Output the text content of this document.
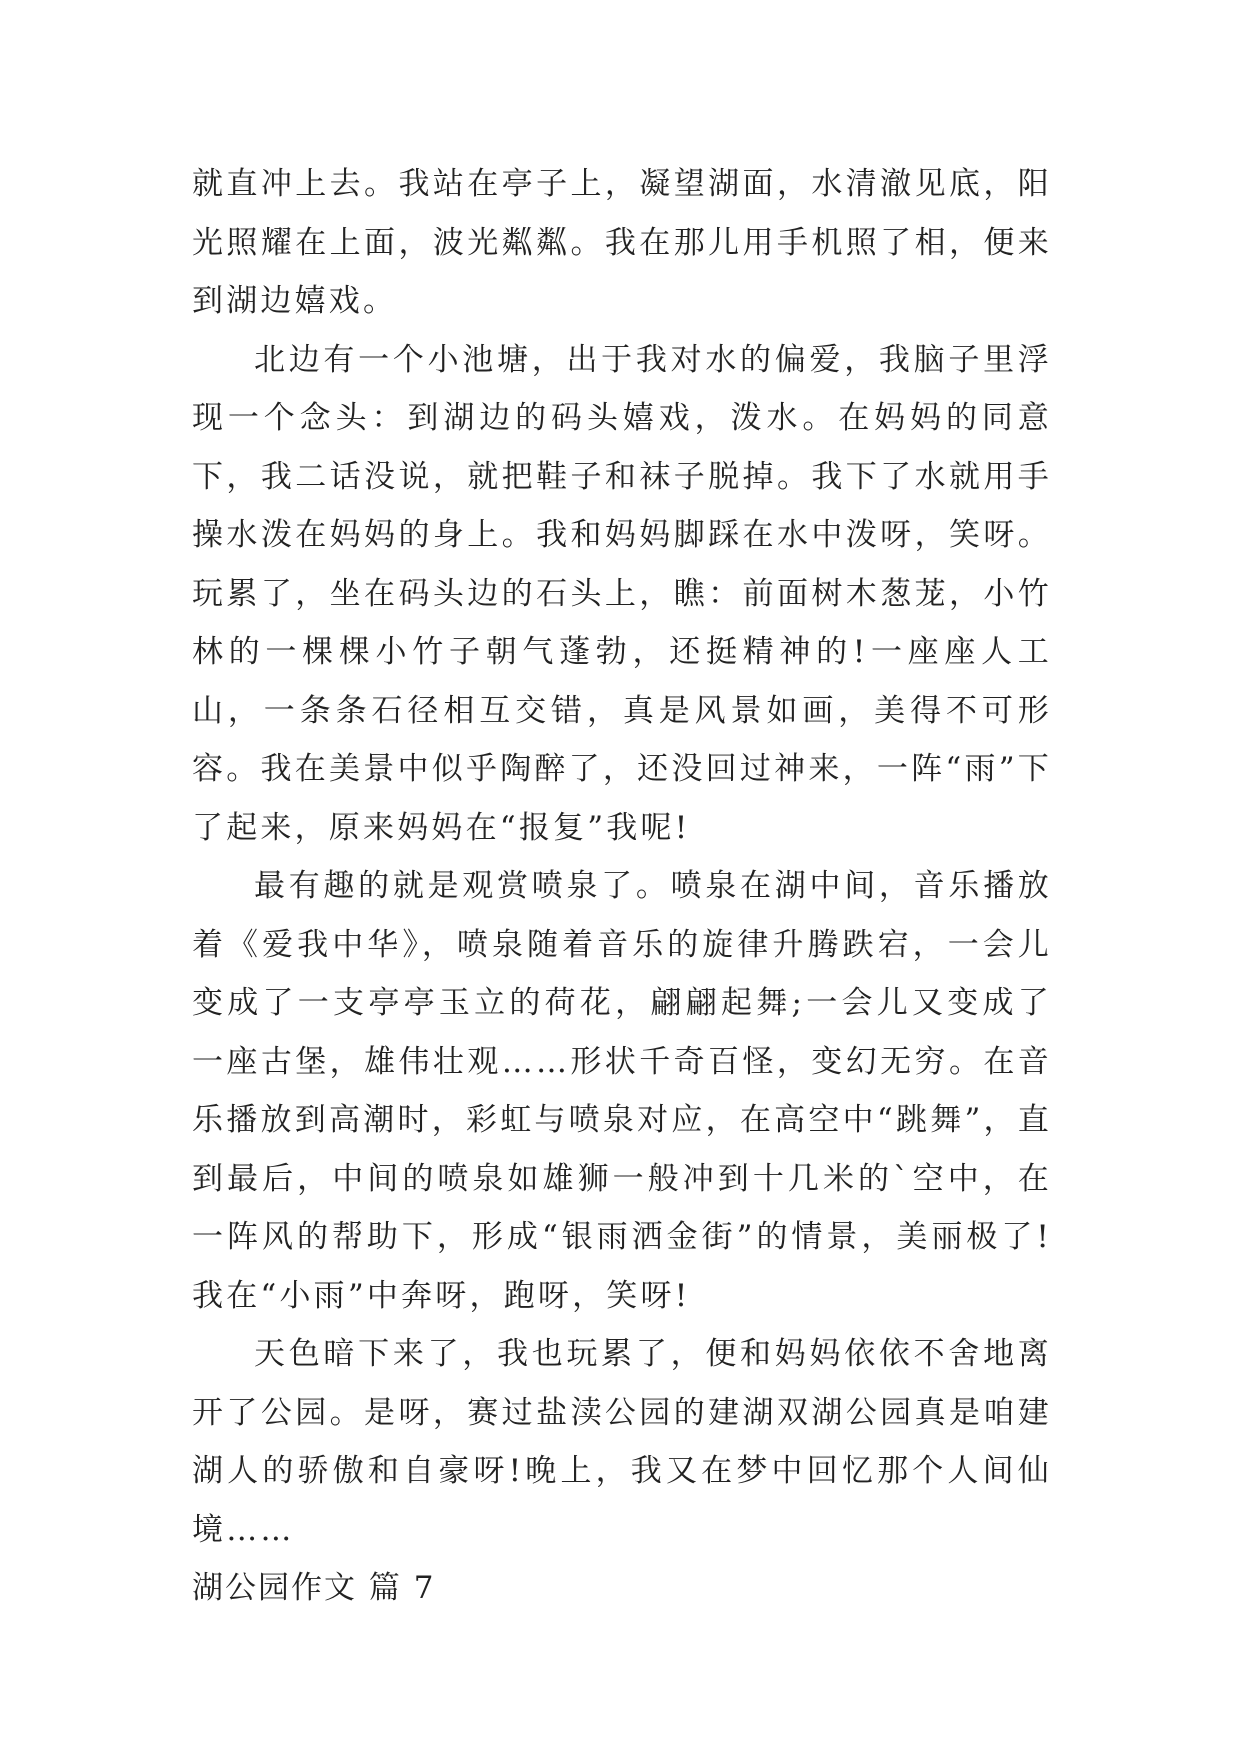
就直冲上去。我站在亭子上，凝望湖面，水清澈见底，阳光照耀在上面，波光粼粼。我在那儿用手机照了相，便来到湖边嬉戏。

北边有一个小池塘，出于我对水的偏爱，我脑子里浮现一个念头：到湖边的码头嬉戏，泼水。在妈妈的同意下，我二话没说，就把鞋子和袜子脱掉。我下了水就用手操水泼在妈妈的身上。我和妈妈脚踩在水中泼呀，笑呀。玩累了，坐在码头边的石头上，瞧：前面树木葱茏，小竹林的一棵棵小竹子朝气蓬勃，还挺精神的!一座座人工山，一条条石径相互交错，真是风景如画，美得不可形容。我在美景中似乎陶醉了，还没回过神来，一阵“雨”下了起来，原来妈妈在“报复”我呢!

最有趣的就是观赏喷泉了。喷泉在湖中间，音乐播放着《爱我中华》，喷泉随着音乐的旋律升腾跌宕，一会儿变成了一支亭亭玉立的荷花，翩翩起舞;一会儿又变成了一座古堡，雄伟壮观……形状千奇百怪，变幻无穷。在音乐播放到高潮时，彩虹与喷泉对应，在高空中“跳舞”，直到最后，中间的喷泉如雄狮一般冲到十几米的`空中，在一阵风的帮助下，形成“银雨洒金街”的情景，美丽极了!我在“小雨”中奔呀，跑呀，笑呀!

天色暗下来了，我也玩累了，便和妈妈依依不舍地离开了公园。是呀，赛过盐渎公园的建湖双湖公园真是咱建湖人的骄傲和自豪呀!晚上，我又在梦中回忆那个人间仙境……

湖公园作文 篇 7
